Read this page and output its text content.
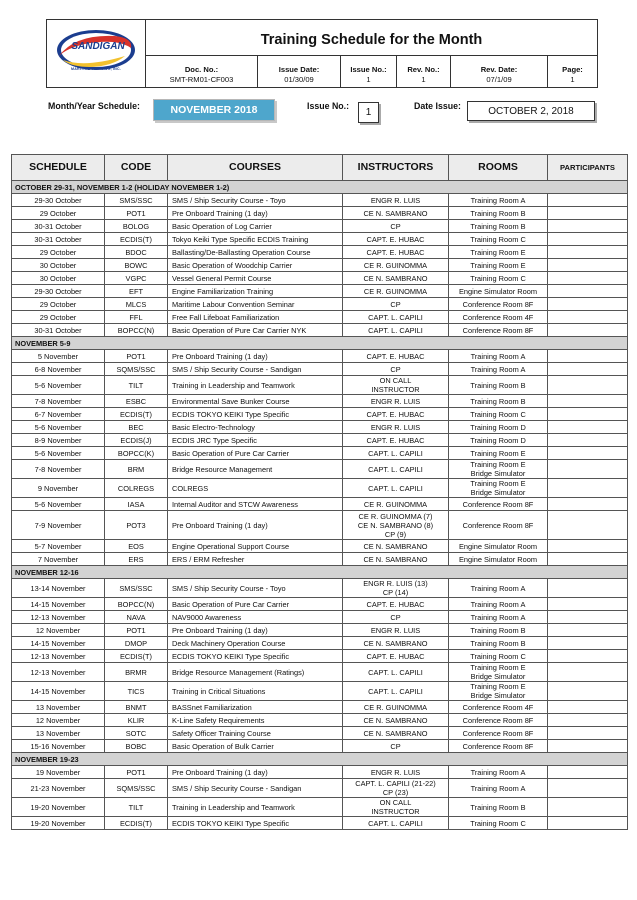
SANDIGAN
MARITIME TRAINING, INC.
Training Schedule for the Month
Doc. No.:
SMT-RM01-CF003
Issue Date:
01/30/09
Issue No.:
1
Rev. No.:
1
Rev. Date:
07/1/09
Page:
1
Month/Year Schedule:	NOVEMBER 2018	Issue No.:
1
Date Issue:	OCTOBER 2, 2018
SCHEDULE	CODE	COURSES	INSTRUCTORS	ROOMS	PARTICIPANTS
OCTOBER 29-31, NOVEMBER 1-2 (HOLIDAY NOVEMBER 1-2)					
29-30 October	SMS/SSC	SMS / Ship Security Course - Toyo	ENGR R. LUIS	Training Room A	
29 October	POT1	Pre Onboard Training (1 day)	CE N. SAMBRANO	Training Room B	
30-31 October	BOLOG	Basic Operation of Log Carrier	CP	Training Room B	
30-31 October	ECDIS(T)	Tokyo Keiki Type Specific ECDIS Training	CAPT. E. HUBAC	Training Room C	
29 October	BDOC	Ballasting/De-Ballasting Operation Course	CAPT. E. HUBAC	Training Room E	
30 October	BOWC	Basic Operation of Woodchip Carrier	CE R. GUINOMMA	Training Room E	
30 October	VGPC	Vessel General Permit Course	CE N. SAMBRANO	Training Room C	
29-30 October	EFT	Engine Familiarization Training	CE R. GUINOMMA	Engine Simulator Room	
29 October	MLCS	Maritime Labour Convention Seminar	CP	Conference Room 8F	
29 October	FFL	Free Fall Lifeboat Familiarization	CAPT. L. CAPILI	Conference Room 4F	
30-31 October	BOPCC(N)	Basic Operation of Pure Car Carrier NYK	CAPT. L. CAPILI	Conference Room 8F	
NOVEMBER 5-9					
5 November	POT1	Pre Onboard Training (1 day)	CAPT. E. HUBAC	Training Room A	
6-8 November	SQMS/SSC	SMS / Ship Security Course - Sandigan	CP	Training Room A	
5-6 November	TILT	Training in Leadership and Teamwork	ON CALL
INSTRUCTOR	Training Room B	
7-8 November	ESBC	Environmental Save Bunker Course	ENGR R. LUIS	Training Room B	
6-7 November	ECDIS(T)	ECDIS TOKYO KEIKI Type Specific	CAPT. E. HUBAC	Training Room C	
5-6 November	BEC	Basic Electro-Technology	ENGR R. LUIS	Training Room D	
8-9 November	ECDIS(J)	ECDIS JRC Type Specific	CAPT. E. HUBAC	Training Room D	
5-6 November	BOPCC(K)	Basic Operation of Pure Car Carrier	CAPT. L. CAPILI	Training Room E	
7-8 November	BRM	Bridge Resource Management	CAPT. L. CAPILI	Training Room E
Bridge Simulator	
9 November	COLREGS	COLREGS	CAPT. L. CAPILI	Training Room E
Bridge Simulator	
5-6 November	IASA	Internal Auditor and STCW Awareness	CE R. GUINOMMA	Conference Room 8F	
7-9 November	POT3	Pre Onboard Training (1 day)	CE R. GUINOMMA (7)
CE N. SAMBRANO (8)
CP (9)	Conference Room 8F	
5-7 November	EOS	Engine Operational Support Course	CE N. SAMBRANO	Engine Simulator Room	
7 November	ERS	ERS / ERM Refresher	CE N. SAMBRANO	Engine Simulator Room	
NOVEMBER 12-16					
13-14 November	SMS/SSC	SMS / Ship Security Course - Toyo	ENGR R. LUIS (13)
CP (14)	Training Room A	
14-15 November	BOPCC(N)	Basic Operation of Pure Car Carrier	CAPT. E. HUBAC	Training Room A	
12-13 November	NAVA	NAV9000 Awareness	CP	Training Room A	
12 November	POT1	Pre Onboard Training (1 day)	ENGR R. LUIS	Training Room B	
14-15 November	DMOP	Deck Machinery Operation Course	CE N. SAMBRANO	Training Room B	
12-13 November	ECDIS(T)	ECDIS TOKYO KEIKI Type Specific	CAPT. E. HUBAC	Training Room C	
12-13 November	BRMR	Bridge Resource Management (Ratings)	CAPT. L. CAPILI	Training Room E
Bridge Simulator	
14-15 November	TICS	Training in Critical Situations	CAPT. L. CAPILI	Training Room E
Bridge Simulator	
13 November	BNMT	BASSnet Familiarization	CE R. GUINOMMA	Conference Room 4F	
12 November	KLIR	K-Line Safety Requirements	CE N. SAMBRANO	Conference Room 8F	
13 November	SOTC	Safety Officer Training Course	CE N. SAMBRANO	Conference Room 8F	
15-16 November	BOBC	Basic Operation of Bulk Carrier	CP	Conference Room 8F	
NOVEMBER 19-23					
19 November	POT1	Pre Onboard Training (1 day)	ENGR R. LUIS	Training Room A	
21-23 November	SQMS/SSC	SMS / Ship Security Course - Sandigan	CAPT. L. CAPILI (21-22)
CP (23)	Training Room A	
19-20 November	TILT	Training in Leadership and Teamwork	ON CALL
INSTRUCTOR	Training Room B	
19-20 November	ECDIS(T)	ECDIS TOKYO KEIKI Type Specific	CAPT. L. CAPILI	Training Room C	
